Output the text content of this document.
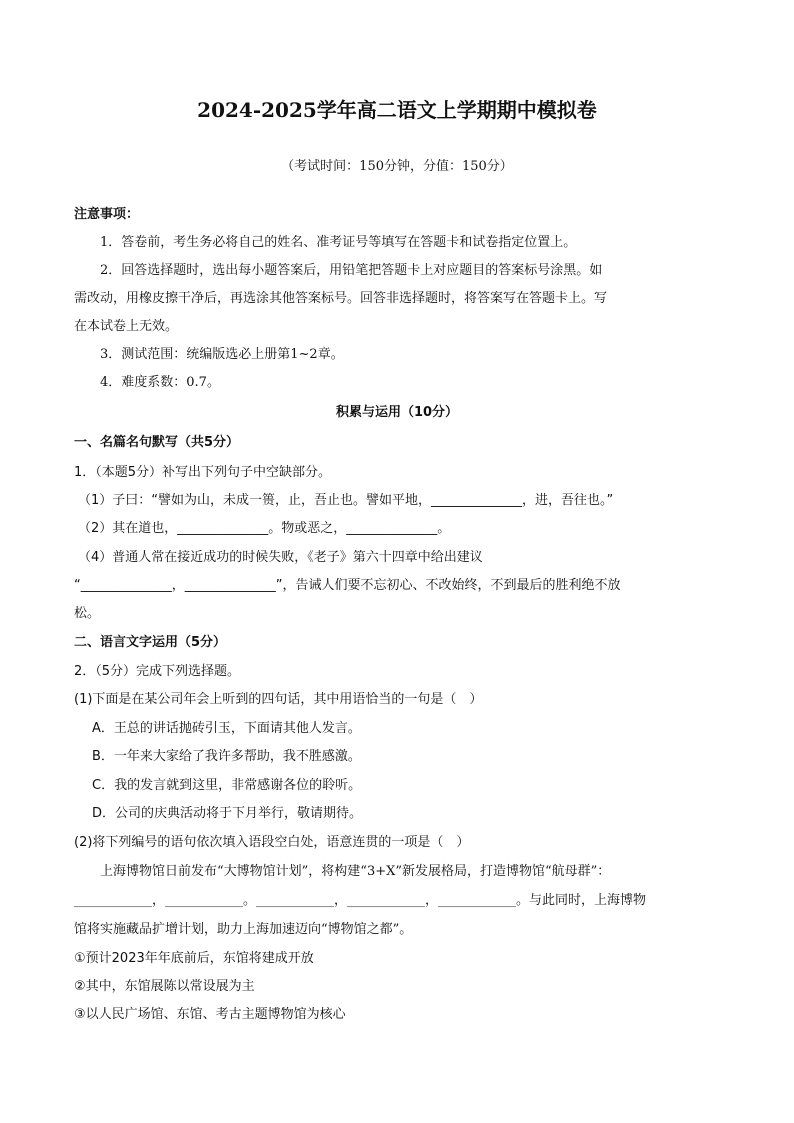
2024-2025学年高二语文上学期期中模拟卷
（考试时间：150分钟，分值：150分）
注意事项：
1．答卷前，考生务必将自己的姓名、准考证号等填写在答题卡和试卷指定位置上。
2．回答选择题时，选出每小题答案后，用铅笔把答题卡上对应题目的答案标号涂黑。如
需改动，用橡皮擦干净后，再选涂其他答案标号。回答非选择题时，将答案写在答题卡上。写
在本试卷上无效。
3．测试范围：统编版选必上册第1~2章。
4．难度系数：0.7。
积累与运用（10分）
一、名篇名句默写（共5分）
1．（本题5分）补写出下列句子中空缺部分。
（1）子曰：“譬如为山，未成一篑，止，吾止也。譬如平地，______________，进，吾往也。”
（2）其在道也，______________。物或恶之，______________。
（4）普通人常在接近成功的时候失败，《老子》第六十四章中给出建议
“______________，______________”，告诫人们要不忘初心、不改始终，不到最后的胜利绝不放
松。
二、语言文字运用（5分）
2．（5分）完成下列选择题。
(1)下面是在某公司年会上听到的四句话，其中用语恰当的一句是（　）
A．王总的讲话抛砖引玉，下面请其他人发言。
B．一年来大家给了我许多帮助，我不胜感激。
C．我的发言就到这里，非常感谢各位的聆听。
D．公司的庆典活动将于下月举行，敬请期待。
(2)将下列编号的语句依次填入语段空白处，语意连贯的一项是（　）
上海博物馆日前发布“大博物馆计划”，将构建“3+X”新发展格局，打造博物馆“航母群”：
____________，____________。____________，____________，____________。与此同时，上海博物
馆将实施藏品扩增计划，助力上海加速迈向“博物馆之都”。
①预计2023年年底前后，东馆将建成开放
②其中，东馆展陈以常设展为主
③以人民广场馆、东馆、考古主题博物馆为核心
